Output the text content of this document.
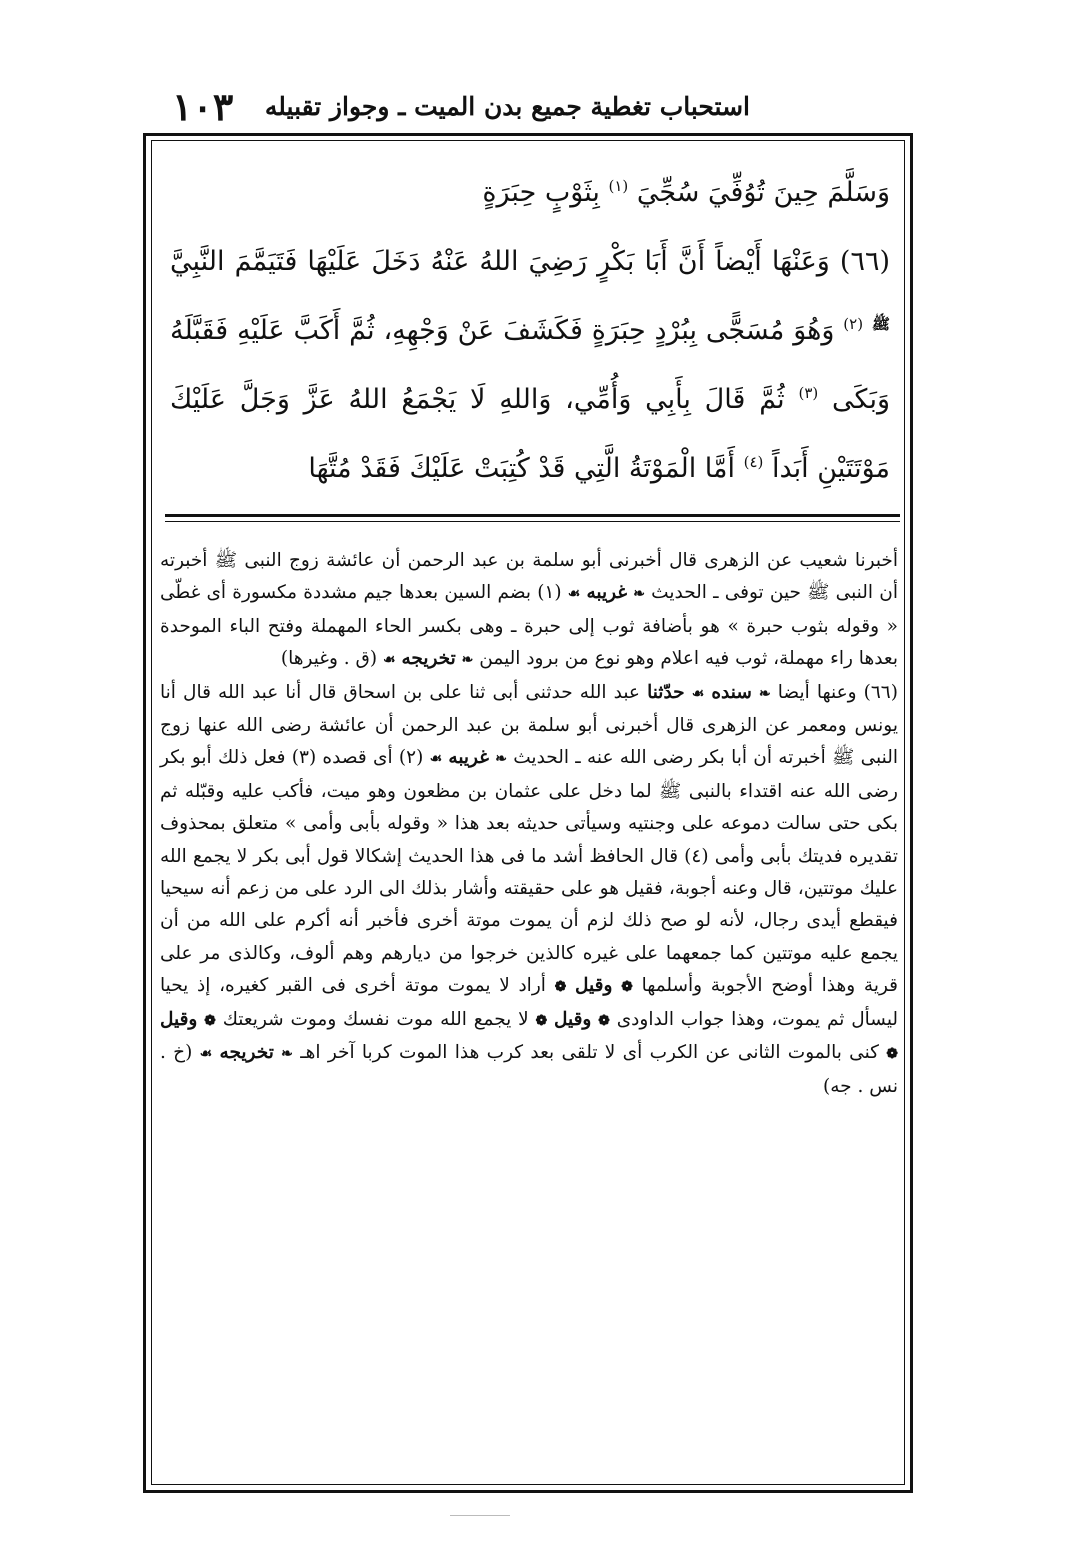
استحباب تغطية جميع بدن الميت ـ وجواز تقبيله
١٠٣

وَسَلَّمَ حِينَ تُوُفِّيَ سُجِّيَ $^{(١)}$ بِثَوْبٍ حِبَرَةٍ

(٦٦) وَعَنْهَا أَيْضاً أَنَّ أَبَا بَكْرٍ رَضِيَ اللهُ عَنْهُ دَخَلَ عَلَيْهَا فَتَيَمَّمَ النَّبِيَّ $^ﷺ$ $^{(٢)}$ وَهُوَ مُسَجًّى بِبُرْدٍ حِبَرَةٍ فَكَشَفَ عَنْ وَجْهِهِ، ثُمَّ أَكَبَّ عَلَيْهِ فَقَبَّلَهُ وَبَكَى $^{(٣)}$ ثُمَّ قَالَ بِأَبِي وَأُمِّي، وَاللهِ لَا يَجْمَعُ اللهُ عَزَّ وَجَلَّ عَلَيْكَ مَوْتَتَيْنِ أَبَداً $^{(٤)}$ أَمَّا الْمَوْتَةُ الَّتِي قَدْ كُتِبَتْ عَلَيْكَ فَقَدْ مُتَّهَا

أخبرنا شعيب عن الزهرى قال أخبرنى أبو سلمة بن عبد الرحمن أن عائشة زوج النبى ﷺ أخبرته أن النبى ﷺ حين توفى ـ الحديث ❧ غريبه ☙ (١) بضم السين بعدها جيم مشددة مكسورة أى غطّى « وقوله بثوب حبرة » هو بأضافة ثوب إلى حبرة ـ وهى بكسر الحاء المهملة وفتح الباء الموحدة بعدها راء مهملة، ثوب فيه اعلام وهو نوع من برود اليمن ❧ تخريجه ☙ (ق . وغيرها)

(٦٦) وعنها أيضا ❧ سنده ☙ حدّثنا عبد الله حدثنى أبى ثنا على بن اسحاق قال أنا عبد الله قال أنا يونس ومعمر عن الزهرى قال أخبرنى أبو سلمة بن عبد الرحمن أن عائشة رضى الله عنها زوج النبى ﷺ أخبرته أن أبا بكر رضى الله عنه ـ الحديث ❧ غريبه ☙ (٢) أى قصده (٣) فعل ذلك أبو بكر رضى الله عنه اقتداء بالنبى ﷺ لما دخل على عثمان بن مظعون وهو ميت، فأكب عليه وقبّله ثم بكى حتى سالت دموعه على وجنتيه وسيأتى حديثه بعد هذا « وقوله بأبى وأمى » متعلق بمحذوف تقديره فديتك بأبى وأمى (٤) قال الحافظ أشد ما فى هذا الحديث إشكالا قول أبى بكر لا يجمع الله عليك موتتين، قال وعنه أجوبة، فقيل هو على حقيقته وأشار بذلك الى الرد على من زعم أنه سيحيا فيقطع أيدى رجال، لأنه لو صح ذلك لزم أن يموت موتة أخرى فأخبر أنه أكرم على الله من أن يجمع عليه موتتين كما جمعهما على غيره كالذين خرجوا من ديارهم وهم ألوف، وكالذى مر على قرية وهذا أوضح الأجوبة وأسلمها ❁ وقيل ❁ أراد لا يموت موتة أخرى فى القبر كغيره، إذ يحيا ليسأل ثم يموت، وهذا جواب الداودى ❁ وقيل ❁ لا يجمع الله موت نفسك وموت شريعتك ❁ وقيل ❁ كنى بالموت الثانى عن الكرب أى لا تلقى بعد كرب هذا الموت كربا آخر اهـ ❧ تخريجه ☙ (خ . نس . جه)
